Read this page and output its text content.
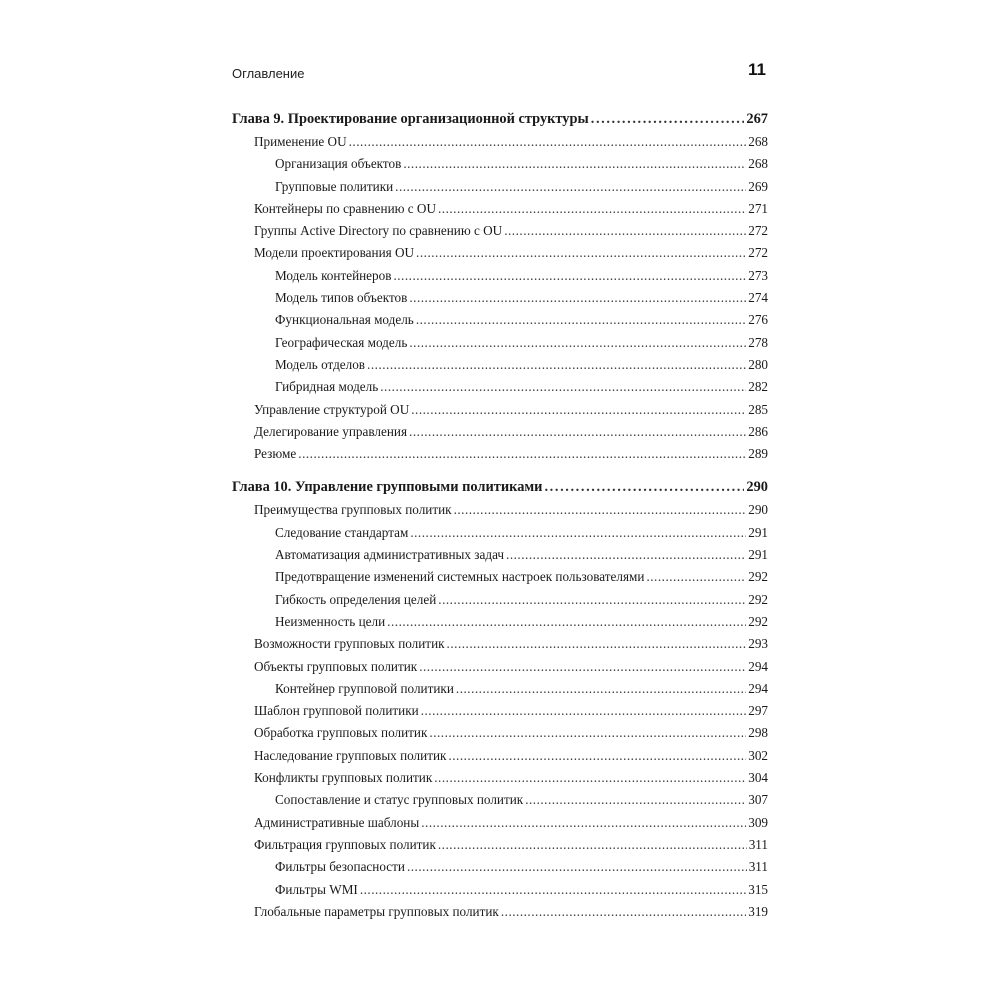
Оглавление	11
Глава 9. Проектирование организационной структуры .....	267
Применение OU .....	268
Организация объектов .....	268
Групповые политики .....	269
Контейнеры по сравнению с OU .....	271
Группы Active Directory по сравнению с OU .....	272
Модели проектирования OU .....	272
Модель контейнеров .....	273
Модель типов объектов .....	274
Функциональная модель .....	276
Географическая модель .....	278
Модель отделов .....	280
Гибридная модель .....	282
Управление структурой OU .....	285
Делегирование управления .....	286
Резюме .....	289
Глава 10. Управление групповыми политиками .....	290
Преимущества групповых политик .....	290
Следование стандартам .....	291
Автоматизация административных задач .....	291
Предотвращение изменений системных настроек пользователями .....	292
Гибкость определения целей .....	292
Неизменность цели .....	292
Возможности групповых политик .....	293
Объекты групповых политик .....	294
Контейнер групповой политики .....	294
Шаблон групповой политики .....	297
Обработка групповых политик .....	298
Наследование групповых политик .....	302
Конфликты групповых политик .....	304
Сопоставление и статус групповых политик .....	307
Административные шаблоны .....	309
Фильтрация групповых политик .....	311
Фильтры безопасности .....	311
Фильтры WMI .....	315
Глобальные параметры групповых политик .....	319
